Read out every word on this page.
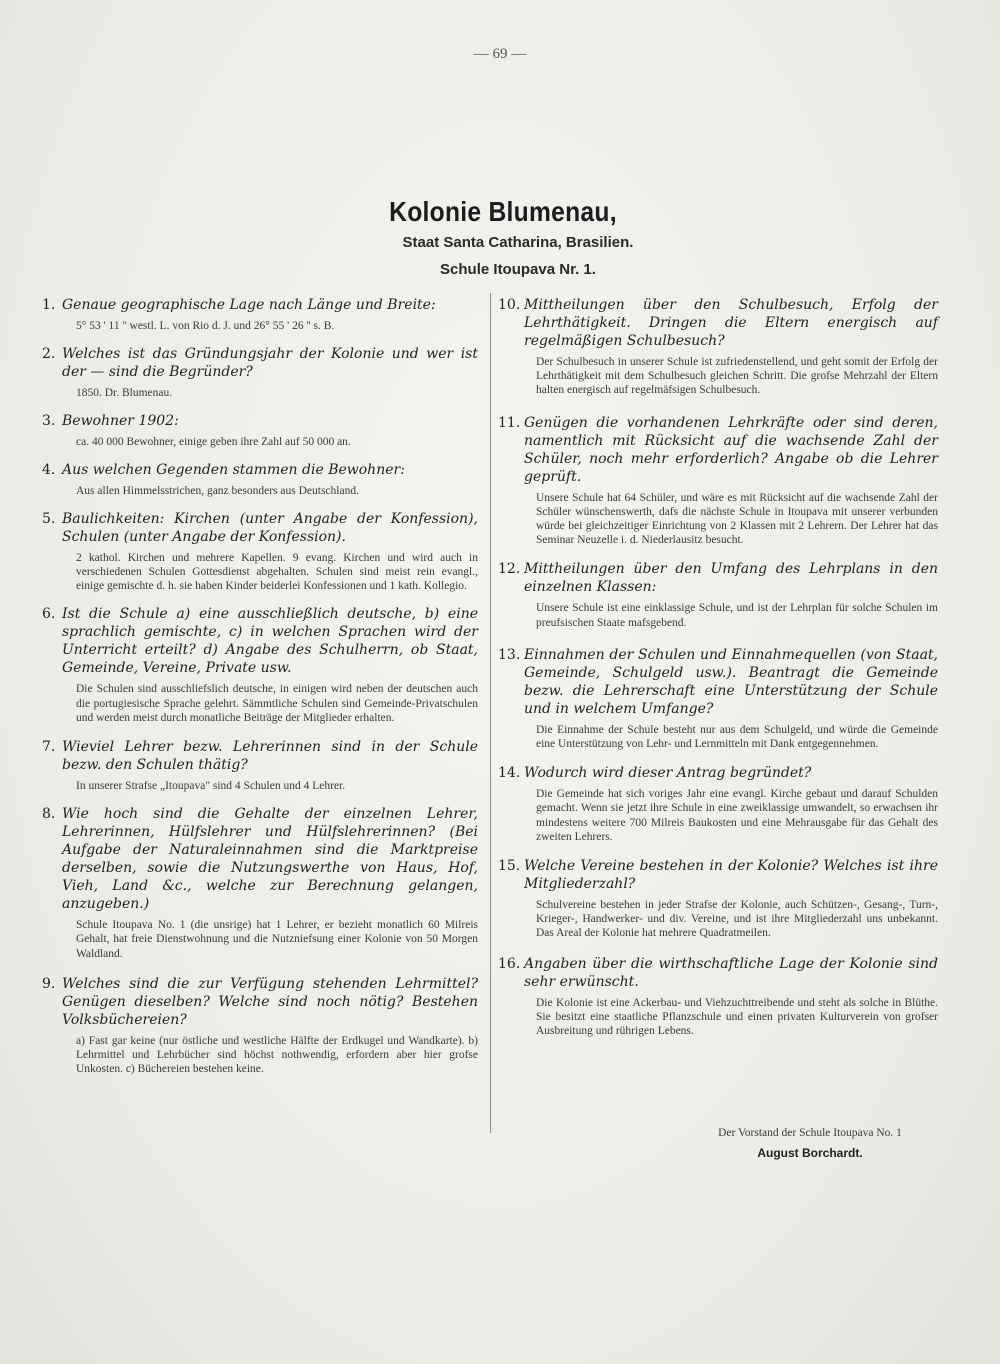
— 69 —
Kolonie Blumenau,
Staat Santa Catharina, Brasilien.
Schule Itoupava Nr. 1.
1. Genaue geographische Lage nach Länge und Breite:
5° 53 ' 11 '' westl. L. von Rio d. J. und 26° 55 ' 26 '' s. B.
2. Welches ist das Gründungsjahr der Kolonie und wer ist der — sind die Begründer?
1850. Dr. Blumenau.
3. Bewohner 1902:
ca. 40 000 Bewohner, einige geben ihre Zahl auf 50 000 an.
4. Aus welchen Gegenden stammen die Bewohner:
Aus allen Himmelsstrichen, ganz besonders aus Deutschland.
5. Baulichkeiten: Kirchen (unter Angabe der Konfession), Schulen (unter Angabe der Konfession).
2 kathol. Kirchen und mehrere Kapellen. 9 evang. Kirchen und wird auch in verschiedenen Schulen Gottesdienst abgehalten. Schulen sind meist rein evangl., einige gemischte d. h. sie haben Kinder beiderlei Konfessionen und 1 kath. Kollegio.
6. Ist die Schule a) eine ausschließlich deutsche, b) eine sprachlich gemischte, c) in welchen Sprachen wird der Unterricht erteilt? d) Angabe des Schulherrn, ob Staat, Gemeinde, Vereine, Private usw.
Die Schulen sind ausschliefslich deutsche, in einigen wird neben der deutschen auch die portugiesische Sprache gelehrt. Sämmtliche Schulen sind Gemeinde-Privatschulen und werden meist durch monatliche Beiträge der Mitglieder erhalten.
7. Wieviel Lehrer bezw. Lehrerinnen sind in der Schule bezw. den Schulen thätig?
In unserer Strafse „Itoupava" sind 4 Schulen und 4 Lehrer.
8. Wie hoch sind die Gehalte der einzelnen Lehrer, Lehrerinnen, Hülfslehrer und Hülfslehrerinnen? (Bei Aufgabe der Naturaleinnahmen sind die Marktpreise derselben, sowie die Nutzungswerthe von Haus, Hof, Vieh, Land &c., welche zur Berechnung gelangen, anzugeben.)
Schule Itoupava No. 1 (die unsrige) hat 1 Lehrer, er bezieht monatlich 60 Milreis Gehalt, hat freie Dienstwohnung und die Nutzniefsung einer Kolonie von 50 Morgen Waldland.
9. Welches sind die zur Verfügung stehenden Lehrmittel? Genügen dieselben? Welche sind noch nötig? Bestehen Volksbüchereien?
a) Fast gar keine (nur östliche und westliche Hälfte der Erdkugel und Wandkarte). b) Lehrmittel und Lehrbücher sind höchst nothwendig, erfordern aber hier grofse Unkosten. c) Büchereien bestehen keine.
10. Mittheilungen über den Schulbesuch, Erfolg der Lehrthätigkeit. Dringen die Eltern energisch auf regelmäßigen Schulbesuch?
Der Schulbesuch in unserer Schule ist zufriedenstellend, und geht somit der Erfolg der Lehrthätigkeit mit dem Schulbesuch gleichen Schritt. Die grofse Mehrzahl der Eltern halten energisch auf regelmäfsigen Schulbesuch.
11. Genügen die vorhandenen Lehrkräfte oder sind deren, namentlich mit Rücksicht auf die wachsende Zahl der Schüler, noch mehr erforderlich? Angabe ob die Lehrer geprüft.
Unsere Schule hat 64 Schüler, und wäre es mit Rücksicht auf die wachsende Zahl der Schüler wünschenswerth, dafs die nächste Schule in Itoupava mit unserer verbunden würde bei gleichzeitiger Einrichtung von 2 Klassen mit 2 Lehrern. Der Lehrer hat das Seminar Neuzelle i. d. Niederlausitz besucht.
12. Mittheilungen über den Umfang des Lehrplans in den einzelnen Klassen:
Unsere Schule ist eine einklassige Schule, und ist der Lehrplan für solche Schulen im preufsischen Staate mafsgebend.
13. Einnahmen der Schulen und Einnahmequellen (von Staat, Gemeinde, Schulgeld usw.). Beantragt die Gemeinde bezw. die Lehrerschaft eine Unterstützung der Schule und in welchem Umfange?
Die Einnahme der Schule besteht nur aus dem Schulgeld, und würde die Gemeinde eine Unterstützung von Lehr- und Lernmitteln mit Dank entgegennehmen.
14. Wodurch wird dieser Antrag begründet?
Die Gemeinde hat sich voriges Jahr eine evangl. Kirche gebaut und darauf Schulden gemacht. Wenn sie jetzt ihre Schule in eine zweiklassige umwandelt, so erwachsen ihr mindestens weitere 700 Milreis Baukosten und eine Mehrausgabe für das Gehalt des zweiten Lehrers.
15. Welche Vereine bestehen in der Kolonie? Welches ist ihre Mitgliederzahl?
Schulvereine bestehen in jeder Strafse der Kolonie, auch Schützen-, Gesang-, Turn-, Krieger-, Handwerker- und div. Vereine, und ist ihre Mitgliederzahl uns unbekannt. Das Areal der Kolonie hat mehrere Quadratmeilen.
16. Angaben über die wirthschaftliche Lage der Kolonie sind sehr erwünscht.
Die Kolonie ist eine Ackerbau- und Viehzuchttreibende und steht als solche in Blüthe. Sie besitzt eine staatliche Pflanzschule und einen privaten Kulturverein von grofser Ausbreitung und rührigen Lebens.
Der Vorstand der Schule Itoupava No. 1
August Borchardt.
